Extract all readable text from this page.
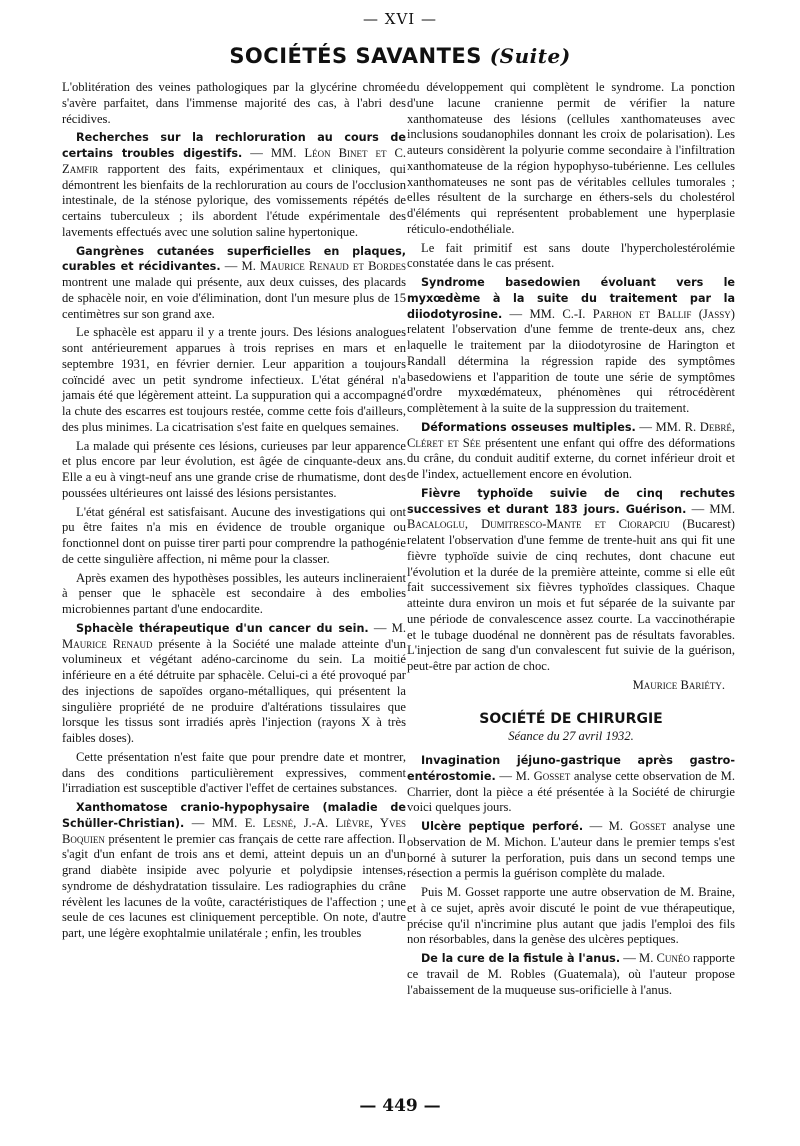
— XVI —
SOCIÉTÉS SAVANTES (Suite)

L'oblitération des veines pathologiques par la glycérine chromée s'avère parfaitet, dans l'immense majorité des cas, à l'abri des récidives.

Recherches sur la rechloruration au cours de certains troubles digestifs. — MM. Léon Binet et C. Zamfir rapportent des faits, expérimentaux et cliniques, qui démontrent les bienfaits de la rechloruration au cours de l'occlusion intestinale, de la sténose pylorique, des vomissements répétés de certains tuberculeux ; ils abordent l'étude expérimentale des lavements effectués avec une solution saline hypertonique.

Gangrènes cutanées superficielles en plaques, curables et récidivantes. — M. Maurice Renaud et Bordes montrent une malade qui présente, aux deux cuisses, des placards de sphacèle noir, en voie d'élimination, dont l'un mesure plus de 15 centimètres sur son grand axe.

Le sphacèle est apparu il y a trente jours. Des lésions analogues sont antérieurement apparues à trois reprises en mars et en septembre 1931, en février dernier. Leur apparition a toujours coïncidé avec un petit syndrome infectieux. L'état général n'a jamais été que légèrement atteint. La suppuration qui a accompagné la chute des escarres est toujours restée, comme cette fois d'ailleurs, des plus minimes. La cicatrisation s'est faite en quelques semaines.

La malade qui présente ces lésions, curieuses par leur apparence et plus encore par leur évolution, est âgée de cinquante-deux ans. Elle a eu à vingt-neuf ans une grande crise de rhumatisme, dont des poussées ultérieures ont laissé des lésions persistantes.

L'état général est satisfaisant. Aucune des investigations qui ont pu être faites n'a mis en évidence de trouble organique ou fonctionnel dont on puisse tirer parti pour comprendre la pathogénie de cette singulière affection, ni même pour la classer.

Après examen des hypothèses possibles, les auteurs inclineraient à penser que le sphacèle est secondaire à des embolies microbiennes partant d'une endocardite.

Sphacèle thérapeutique d'un cancer du sein. — M. Maurice Renaud présente à la Société une malade atteinte d'un volumineux et végétant adéno-carcinome du sein. La moitié inférieure en a été détruite par sphacèle. Celui-ci a été provoqué par des injections de sapoïdes organo-métalliques, qui présentent la singulière propriété de ne produire d'altérations tissulaires que lorsque les tissus sont irradiés après l'injection (rayons X à très faibles doses).

Cette présentation n'est faite que pour prendre date et montrer, dans des conditions particulièrement expressives, comment l'irradiation est susceptible d'activer l'effet de certaines substances.

Xanthomatose cranio-hypophysaire (maladie de Schüller-Christian). — MM. E. Lesné, J.-A. Lièvre, Yves Boquien présentent le premier cas français de cette rare affection. Il s'agit d'un enfant de trois ans et demi, atteint depuis un an d'un grand diabète insipide avec polyurie et polydipsie intenses, syndrome de déshydratation tissulaire. Les radiographies du crâne révèlent les lacunes de la voûte, caractéristiques de l'affection ; une seule de ces lacunes est cliniquement perceptible. On note, d'autre part, une légère exophtalmie unilatérale ; enfin, les troubles

du développement qui complètent le syndrome. La ponction d'une lacune cranienne permit de vérifier la nature xanthomateuse des lésions (cellules xanthomateuses avec inclusions soudanophiles donnant les croix de polarisation). Les auteurs considèrent la polyurie comme secondaire à l'infiltration xanthomateuse de la région hypophyso-tubérienne. Les cellules xanthomateuses ne sont pas de véritables cellules tumorales ; elles résultent de la surcharge en éthers-sels du cholestérol d'éléments qui représentent probablement une hyperplasie réticulo-endothéliale.

Le fait primitif est sans doute l'hypercholestérolémie constatée dans le cas présent.

Syndrome basedowien évoluant vers le myxœdème à la suite du traitement par la diiodotyrosine. — MM. C.-I. Parhon et Ballif (Jassy) relatent l'observation d'une femme de trente-deux ans, chez laquelle le traitement par la diiodotyrosine de Harington et Randall détermina la régression rapide des symptômes basedowiens et l'apparition de toute une série de symptômes d'ordre myxœdémateux, phénomènes qui rétrocédèrent complètement à la suite de la suppression du traitement.

Déformations osseuses multiples. — MM. R. Debré, Cléret et Sée présentent une enfant qui offre des déformations du crâne, du conduit auditif externe, du cornet inférieur droit et de l'index, actuellement encore en évolution.

Fièvre typhoïde suivie de cinq rechutes successives et durant 183 jours. Guérison. — MM. Bacaloglu, Dumitresco-Mante et Ciorapciu (Bucarest) relatent l'observation d'une femme de trente-huit ans qui fit une fièvre typhoïde suivie de cinq rechutes, dont chacune eut l'évolution et la durée de la première atteinte, comme si elle eût fait successivement six fièvres typhoïdes classiques. Chaque atteinte dura environ un mois et fut séparée de la suivante par une période de convalescence assez courte. La vaccinothérapie et le tubage duodénal ne donnèrent pas de résultats favorables. L'injection de sang d'un convalescent fut suivie de la guérison, peut-être par action de choc.

Maurice Bariéty.
SOCIÉTÉ DE CHIRURGIE
Séance du 27 avril 1932.

Invagination jéjuno-gastrique après gastro-entérostomie. — M. Gosset analyse cette observation de M. Charrier, dont la pièce a été présentée à la Société de chirurgie voici quelques jours.

Ulcère peptique perforé. — M. Gosset analyse une observation de M. Michon. L'auteur dans le premier temps s'est borné à suturer la perforation, puis dans un second temps une résection a permis la guérison complète du malade.

Puis M. Gosset rapporte une autre observation de M. Braine, et à ce sujet, après avoir discuté le point de vue thérapeutique, précise qu'il n'incrimine plus autant que jadis l'emploi des fils non résorbables, dans la genèse des ulcères peptiques.

De la cure de la fistule à l'anus. — M. Cunéo rapporte ce travail de M. Robles (Guatemala), où l'auteur propose l'abaissement de la muqueuse sus-orificielle à l'anus.

— 449 —
